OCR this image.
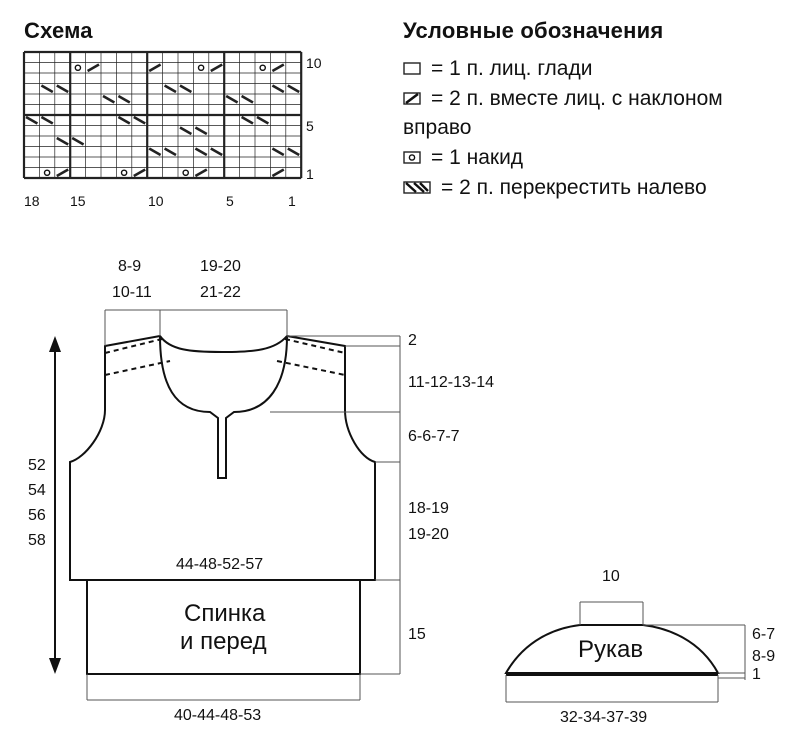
Схема
10
5
1
18 15	10	5	1
Условные обозначения
= 1 п. лиц. глади
= 2 п. вместе лиц. с наклоном
вправо
= 1 накид
= 2 п. перекрестить налево
8-9
10-11
19-20
21-22
52
54
56
58
2
11-12-13-14
6-6-7-7
18-19
19-20
15
44-48-52-57
40-44-48-53
Спинка
и перед
10
Рукав
6-7
8-9
1
32-34-37-39
